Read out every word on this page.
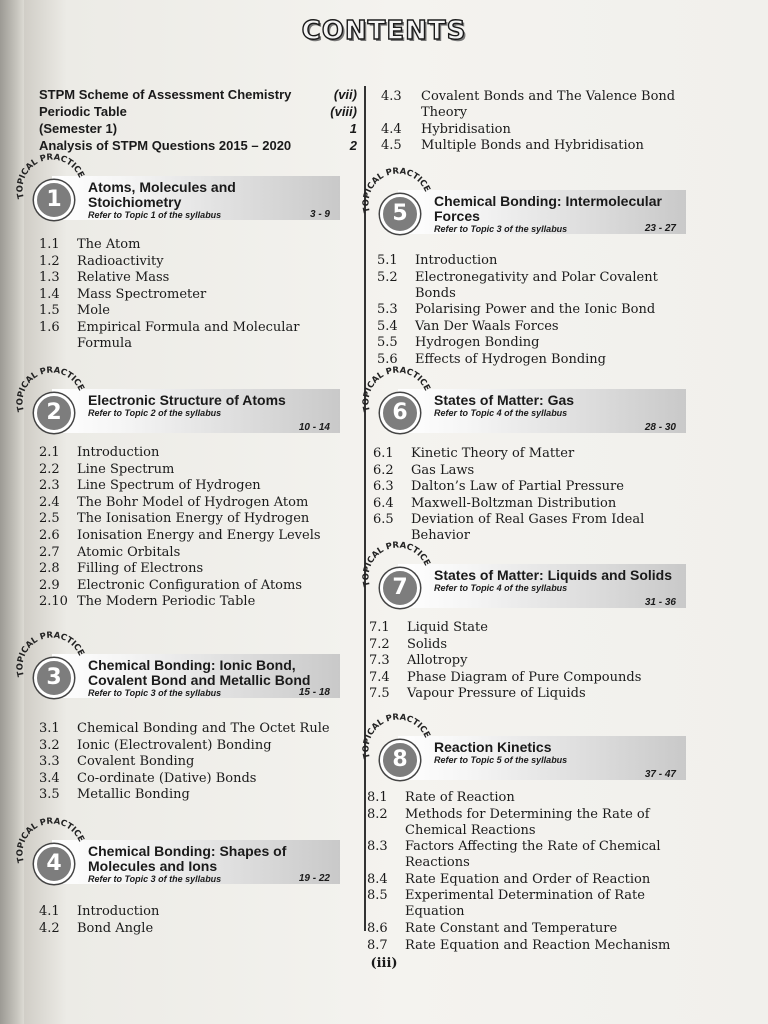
CONTENTS
STPM Scheme of Assessment Chemistry	(vii)
Periodic Table	(viii)
(Semester 1)	1
Analysis of STPM Questions 2015 – 2020	2
4.3	Covalent Bonds and The Valence Bond Theory
4.4	Hybridisation
4.5	Multiple Bonds and Hybridisation
TOPICAL PRACTICE
1	Atoms, Molecules and Stoichiometry
Refer to Topic 1 of the syllabus	3 - 9
1.1	The Atom
1.2	Radioactivity
1.3	Relative Mass
1.4	Mass Spectrometer
1.5	Mole
1.6	Empirical Formula and Molecular Formula
TOPICAL PRACTICE
2	Electronic Structure of Atoms
Refer to Topic 2 of the syllabus
10 - 14
2.1	Introduction
2.2	Line Spectrum
2.3	Line Spectrum of Hydrogen
2.4	The Bohr Model of Hydrogen Atom
2.5	The Ionisation Energy of Hydrogen
2.6	Ionisation Energy and Energy Levels
2.7	Atomic Orbitals
2.8	Filling of Electrons
2.9	Electronic Configuration of Atoms
2.10 The Modern Periodic Table
TOPICAL PRACTICE
3	Chemical Bonding: Ionic Bond, Covalent Bond and Metallic Bond
Refer to Topic 3 of the syllabus	15 - 18
3.1	Chemical Bonding and The Octet Rule
3.2	Ionic (Electrovalent) Bonding
3.3	Covalent Bonding
3.4	Co-ordinate (Dative) Bonds
3.5	Metallic Bonding
TOPICAL PRACTICE
4	Chemical Bonding: Shapes of Molecules and Ions
Refer to Topic 3 of the syllabus	19 - 22
4.1	Introduction
4.2	Bond Angle
TOPICAL PRACTICE
5	Chemical Bonding: Intermolecular Forces
Refer to Topic 3 of the syllabus	23 - 27
5.1	Introduction
5.2	Electronegativity and Polar Covalent Bonds
5.3	Polarising Power and the Ionic Bond
5.4	Van Der Waals Forces
5.5	Hydrogen Bonding
5.6	Effects of Hydrogen Bonding
TOPICAL PRACTICE
6	States of Matter: Gas
Refer to Topic 4 of the syllabus
28 - 30
6.1	Kinetic Theory of Matter
6.2	Gas Laws
6.3	Dalton’s Law of Partial Pressure
6.4	Maxwell-Boltzman Distribution
6.5	Deviation of Real Gases From Ideal Behavior
TOPICAL PRACTICE
7	States of Matter: Liquids and Solids
Refer to Topic 4 of the syllabus
31 - 36
7.1	Liquid State
7.2	Solids
7.3	Allotropy
7.4	Phase Diagram of Pure Compounds
7.5	Vapour Pressure of Liquids
TOPICAL PRACTICE
8	Reaction Kinetics
Refer to Topic 5 of the syllabus
37 - 47
8.1	Rate of Reaction
8.2	Methods for Determining the Rate of Chemical Reactions
8.3	Factors Affecting the Rate of Chemical Reactions
8.4	Rate Equation and Order of Reaction
8.5	Experimental Determination of Rate Equation
8.6	Rate Constant and Temperature
8.7	Rate Equation and Reaction Mechanism
(iii)
